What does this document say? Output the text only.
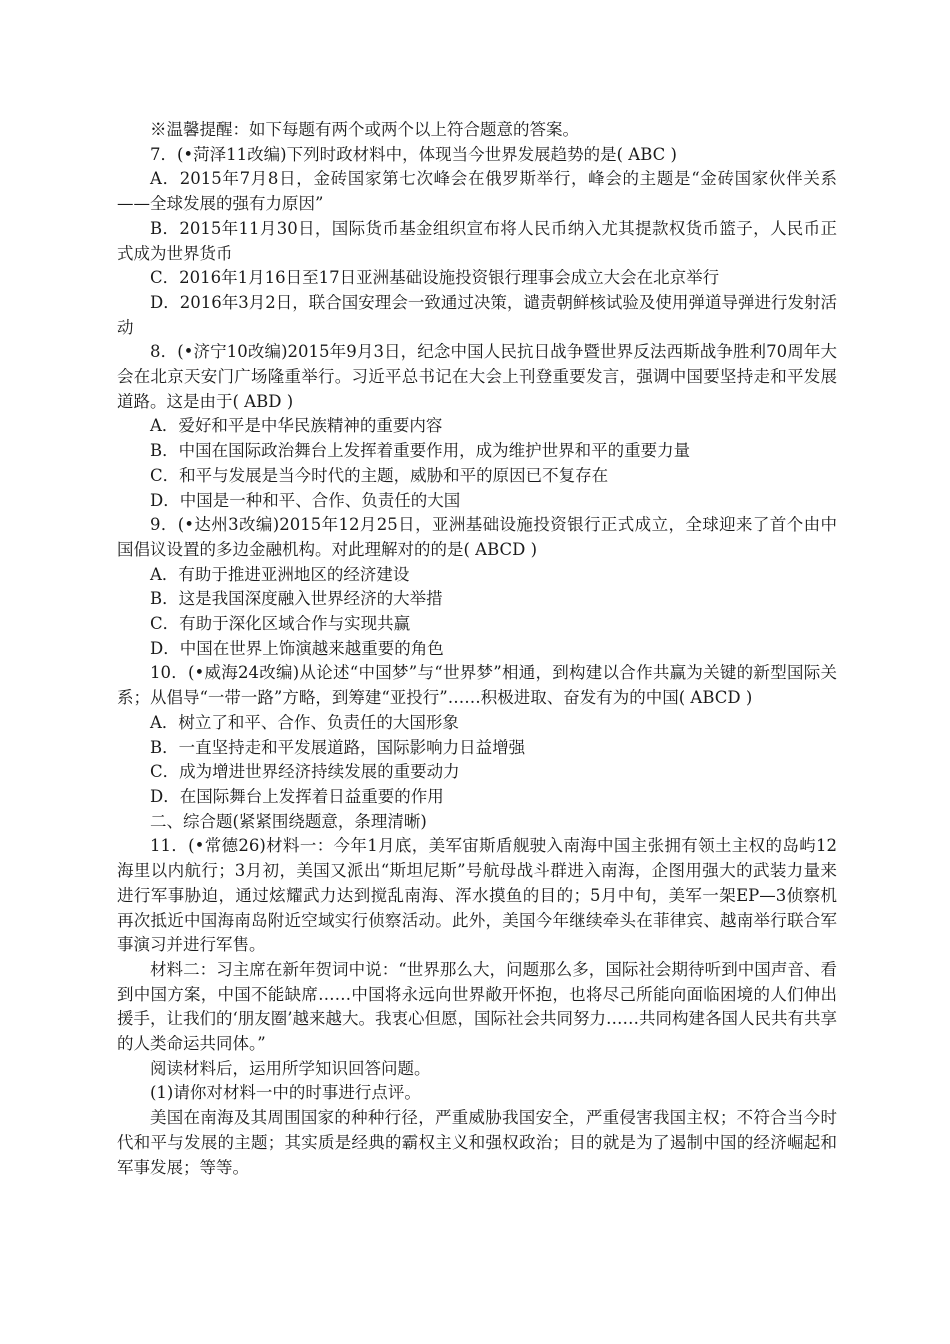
※温馨提醒：如下每题有两个或两个以上符合题意的答案。

7．(•菏泽11改编)下列时政材料中，体现当今世界发展趋势的是( ABC )

A．2015年7月8日，金砖国家第七次峰会在俄罗斯举行，峰会的主题是“金砖国家伙伴关系——全球发展的强有力原因”

B．2015年11月30日，国际货币基金组织宣布将人民币纳入尤其提款权货币篮子，人民币正式成为世界货币

C．2016年1月16日至17日亚洲基础设施投资银行理事会成立大会在北京举行

D．2016年3月2日，联合国安理会一致通过决策，谴责朝鲜核试验及使用弹道导弹进行发射活动

8．(•济宁10改编)2015年9月3日，纪念中国人民抗日战争暨世界反法西斯战争胜利70周年大会在北京天安门广场隆重举行。习近平总书记在大会上刊登重要发言，强调中国要坚持走和平发展道路。这是由于( ABD )

A．爱好和平是中华民族精神的重要内容

B．中国在国际政治舞台上发挥着重要作用，成为维护世界和平的重要力量

C．和平与发展是当今时代的主题，威胁和平的原因已不复存在

D．中国是一种和平、合作、负责任的大国

9．(•达州3改编)2015年12月25日，亚洲基础设施投资银行正式成立，全球迎来了首个由中国倡议设置的多边金融机构。对此理解对的的是( ABCD )

A．有助于推进亚洲地区的经济建设

B．这是我国深度融入世界经济的大举措

C．有助于深化区域合作与实现共赢

D．中国在世界上饰演越来越重要的角色

10．(•威海24改编)从论述“中国梦”与“世界梦”相通，到构建以合作共赢为关键的新型国际关系；从倡导“一带一路”方略，到筹建“亚投行”……积极进取、奋发有为的中国( ABCD )

A．树立了和平、合作、负责任的大国形象

B．一直坚持走和平发展道路，国际影响力日益增强

C．成为增进世界经济持续发展的重要动力

D．在国际舞台上发挥着日益重要的作用

二、综合题(紧紧围绕题意，条理清晰)

11．(•常德26)材料一：今年1月底，美军宙斯盾舰驶入南海中国主张拥有领土主权的岛屿12海里以内航行；3月初，美国又派出“斯坦尼斯”号航母战斗群进入南海，企图用强大的武装力量来进行军事胁迫，通过炫耀武力达到搅乱南海、浑水摸鱼的目的；5月中旬，美军一架EP—3侦察机再次抵近中国海南岛附近空域实行侦察活动。此外，美国今年继续牵头在菲律宾、越南举行联合军事演习并进行军售。

材料二：习主席在新年贺词中说：“世界那么大，问题那么多，国际社会期待听到中国声音、看到中国方案，中国不能缺席……中国将永远向世界敞开怀抱，也将尽己所能向面临困境的人们伸出援手，让我们的‘朋友圈’越来越大。我衷心但愿，国际社会共同努力……共同构建各国人民共有共享的人类命运共同体。”

阅读材料后，运用所学知识回答问题。

(1)请你对材料一中的时事进行点评。

美国在南海及其周围国家的种种行径，严重威胁我国安全，严重侵害我国主权；不符合当今时代和平与发展的主题；其实质是经典的霸权主义和强权政治；目的就是为了遏制中国的经济崛起和军事发展；等等。
